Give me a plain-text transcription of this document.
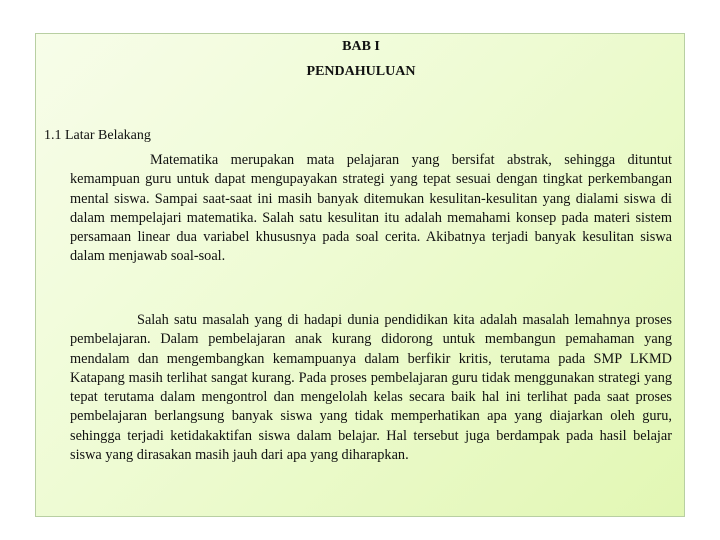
BAB I
PENDAHULUAN
1.1 Latar Belakang

Matematika merupakan mata pelajaran yang bersifat abstrak, sehingga dituntut kemampuan guru untuk dapat mengupayakan strategi yang tepat sesuai dengan tingkat perkembangan mental siswa. Sampai saat-saat ini masih banyak ditemukan kesulitan-kesulitan yang dialami siswa di dalam mempelajari matematika. Salah satu kesulitan itu adalah memahami konsep pada materi sistem persamaan linear dua variabel khususnya pada soal cerita. Akibatnya terjadi banyak kesulitan siswa dalam menjawab soal-soal.

Salah satu masalah yang di hadapi dunia pendidikan kita adalah masalah lemahnya proses pembelajaran. Dalam pembelajaran anak kurang didorong untuk membangun pemahaman yang mendalam dan mengembangkan kemampuanya dalam berfikir kritis, terutama pada SMP LKMD Katapang masih terlihat sangat kurang. Pada proses pembelajaran guru tidak menggunakan strategi yang tepat terutama dalam mengontrol dan mengelolah kelas secara baik hal ini terlihat pada saat proses pembelajaran berlangsung banyak siswa yang tidak memperhatikan apa yang diajarkan oleh guru, sehingga terjadi ketidakaktifan siswa dalam belajar. Hal tersebut juga berdampak pada hasil belajar siswa yang dirasakan masih jauh dari apa yang diharapkan.
